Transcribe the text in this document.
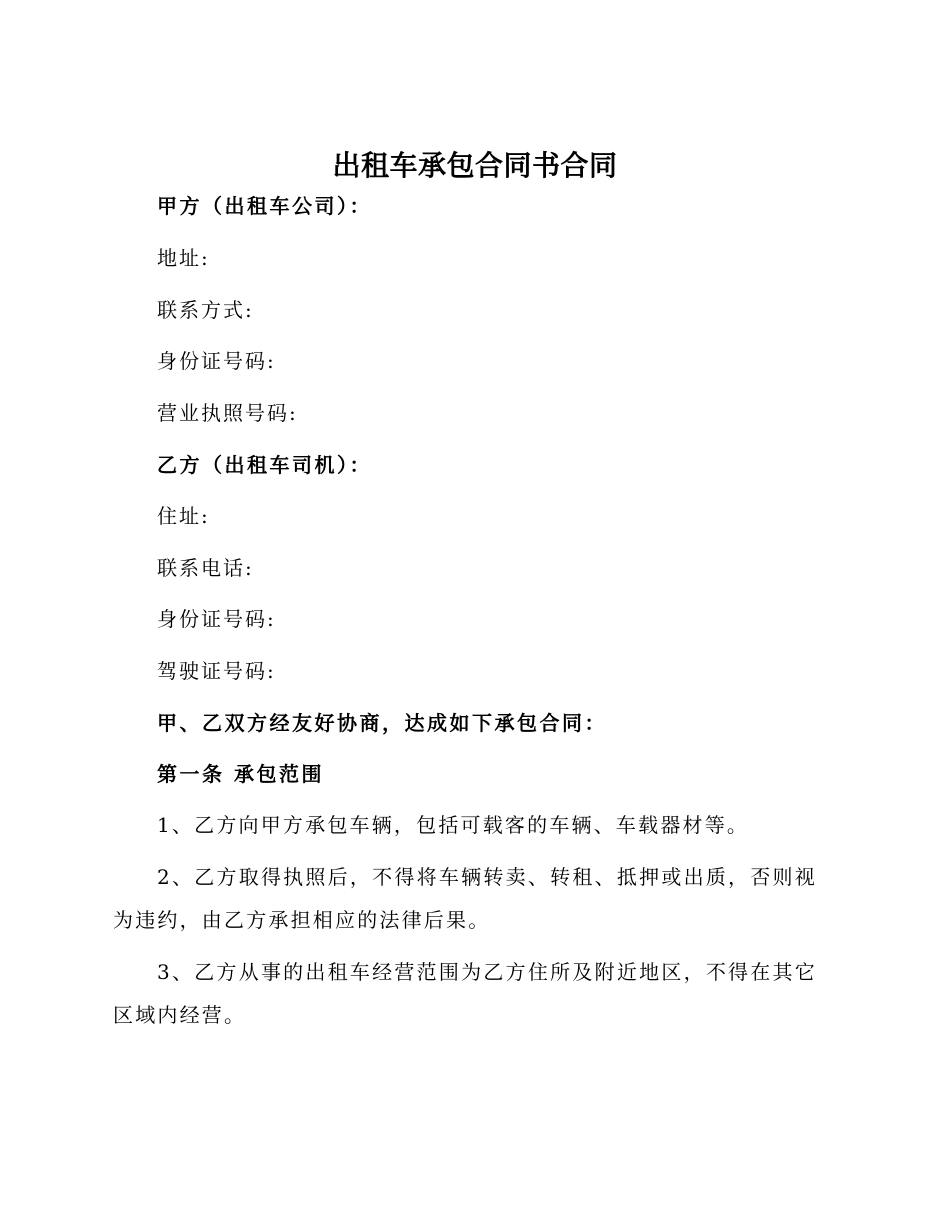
出租车承包合同书合同
甲方（出租车公司）：
地址:
联系方式:
身份证号码:
营业执照号码:
乙方（出租车司机）：
住址:
联系电话:
身份证号码:
驾驶证号码:
甲、乙双方经友好协商，达成如下承包合同：
第一条 承包范围
1、乙方向甲方承包车辆，包括可载客的车辆、车载器材等。
2、乙方取得执照后，不得将车辆转卖、转租、抵押或出质，否则视为违约，由乙方承担相应的法律后果。
3、乙方从事的出租车经营范围为乙方住所及附近地区，不得在其它区域内经营。
